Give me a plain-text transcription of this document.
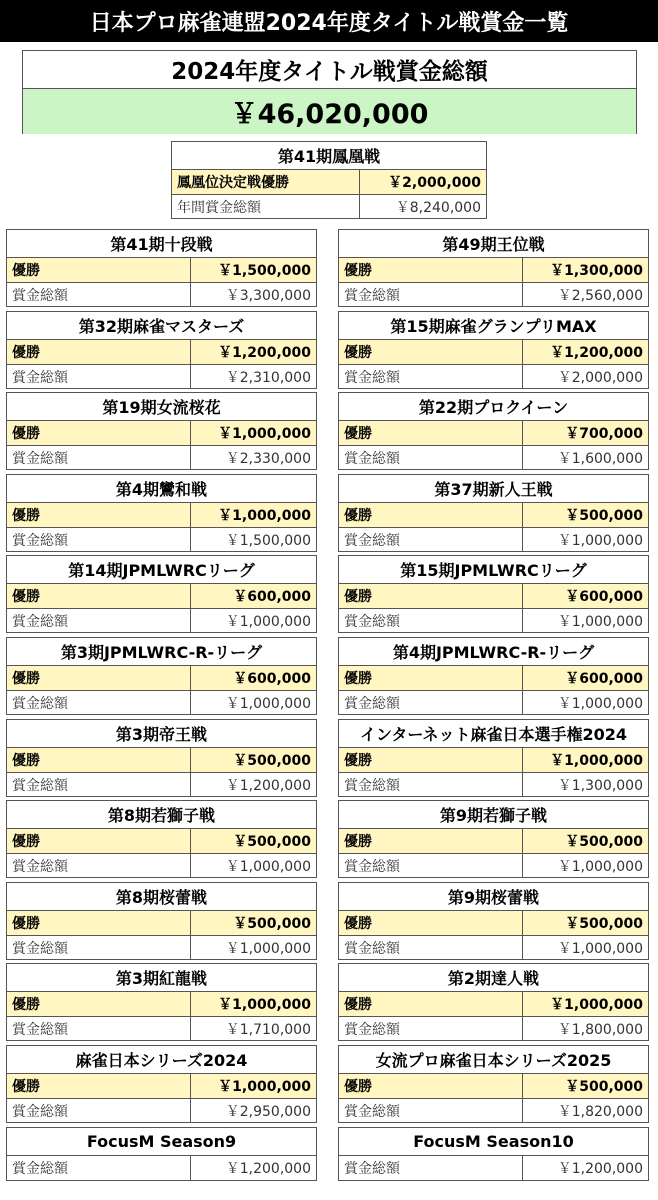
日本プロ麻雀連盟2024年度タイトル戦賞金一覧
2024年度タイトル戦賞金総額
￥46,020,000
第41期鳳凰戦
鳳凰位決定戦優勝	￥2,000,000
年間賞金総額	￥8,240,000
第41期十段戦
優勝	￥1,500,000
賞金総額	￥3,300,000
第32期麻雀マスターズ
優勝	￥1,200,000
賞金総額	￥2,310,000
第19期女流桜花
優勝	￥1,000,000
賞金総額	￥2,330,000
第4期鸞和戦
優勝	￥1,000,000
賞金総額	￥1,500,000
第14期JPMLWRCリーグ
優勝	￥600,000
賞金総額	￥1,000,000
第3期JPMLWRC-R-リーグ
優勝	￥600,000
賞金総額	￥1,000,000
第3期帝王戦
優勝	￥500,000
賞金総額	￥1,200,000
第8期若獅子戦
優勝	￥500,000
賞金総額	￥1,000,000
第8期桜蕾戦
優勝	￥500,000
賞金総額	￥1,000,000
第3期紅龍戦
優勝	￥1,000,000
賞金総額	￥1,710,000
麻雀日本シリーズ2024
優勝	￥1,000,000
賞金総額	￥2,950,000
第49期王位戦
優勝	￥1,300,000
賞金総額	￥2,560,000
第15期麻雀グランプリMAX
優勝	￥1,200,000
賞金総額	￥2,000,000
第22期プロクイーン
優勝	￥700,000
賞金総額	￥1,600,000
第37期新人王戦
優勝	￥500,000
賞金総額	￥1,000,000
第15期JPMLWRCリーグ
優勝	￥600,000
賞金総額	￥1,000,000
第4期JPMLWRC-R-リーグ
優勝	￥600,000
賞金総額	￥1,000,000
インターネット麻雀日本選手権2024
優勝	￥1,000,000
賞金総額	￥1,300,000
第9期若獅子戦
優勝	￥500,000
賞金総額	￥1,000,000
第9期桜蕾戦
優勝	￥500,000
賞金総額	￥1,000,000
第2期達人戦
優勝	￥1,000,000
賞金総額	￥1,800,000
女流プロ麻雀日本シリーズ2025
優勝	￥500,000
賞金総額	￥1,820,000
FocusM Season9
賞金総額	￥1,200,000
FocusM Season10
賞金総額	￥1,200,000
